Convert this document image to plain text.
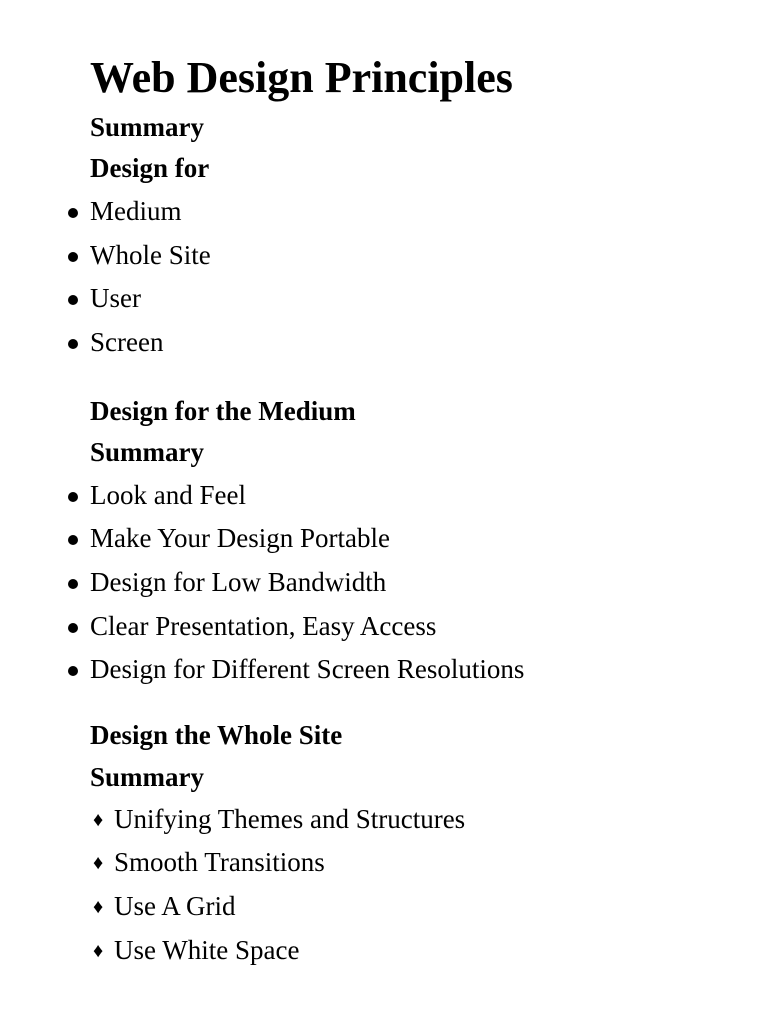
Web Design Principles
Summary
Design for
Medium
Whole Site
User
Screen
Design for the Medium
Summary
Look and Feel
Make Your Design Portable
Design for Low Bandwidth
Clear Presentation, Easy Access
Design for Different Screen Resolutions
Design the Whole Site
Summary
♦ Unifying Themes and Structures
♦ Smooth Transitions
♦ Use A Grid
♦ Use White Space
